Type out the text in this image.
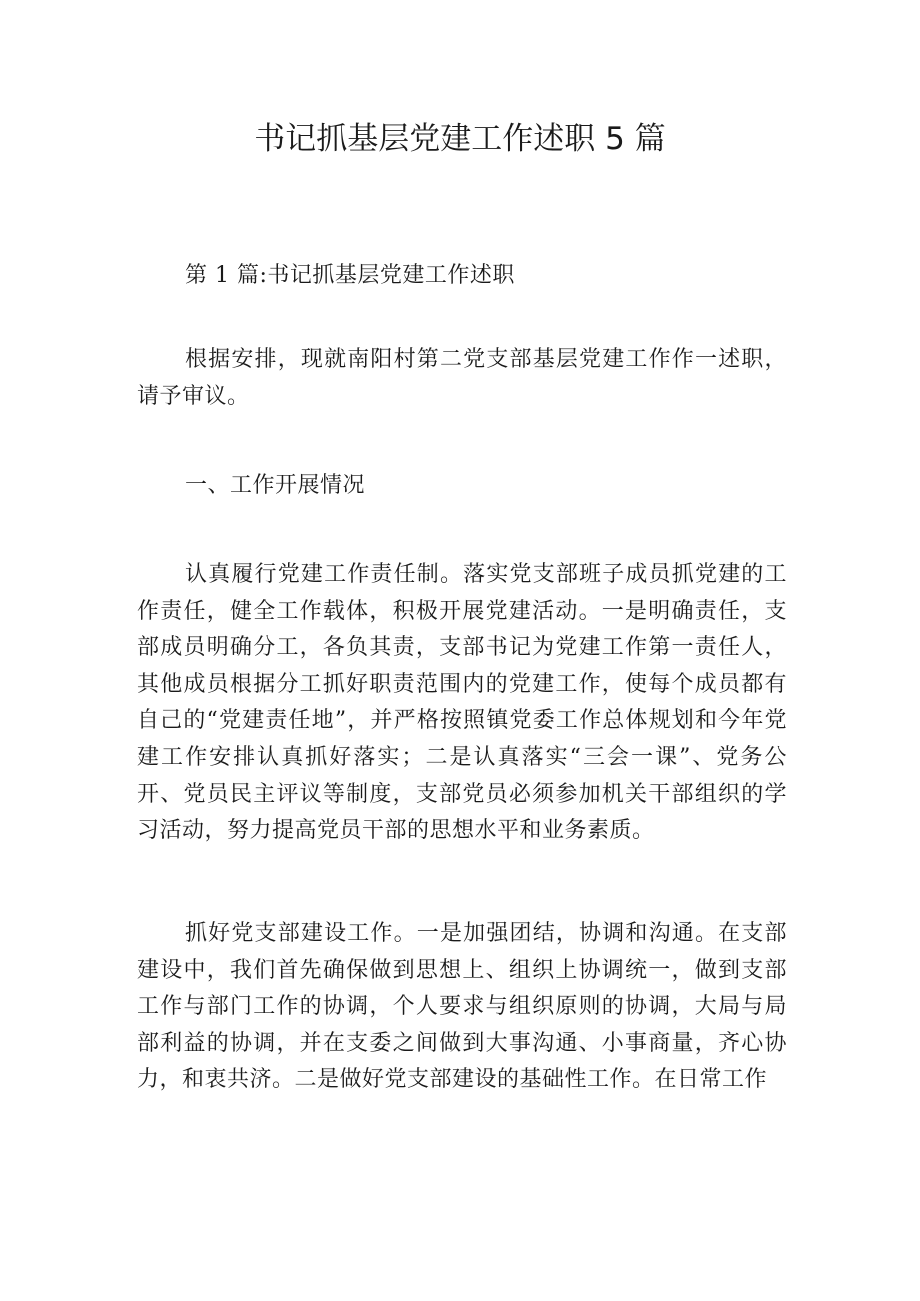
书记抓基层党建工作述职 5 篇

第 1 篇:书记抓基层党建工作述职

根据安排，现就南阳村第二党支部基层党建工作作一述职，请予审议。

一、工作开展情况

认真履行党建工作责任制。落实党支部班子成员抓党建的工作责任，健全工作载体，积极开展党建活动。一是明确责任，支部成员明确分工，各负其责，支部书记为党建工作第一责任人，其他成员根据分工抓好职责范围内的党建工作，使每个成员都有自己的“党建责任地”，并严格按照镇党委工作总体规划和今年党建工作安排认真抓好落实；二是认真落实“三会一课”、党务公开、党员民主评议等制度，支部党员必须参加机关干部组织的学习活动，努力提高党员干部的思想水平和业务素质。

抓好党支部建设工作。一是加强团结，协调和沟通。在支部建设中，我们首先确保做到思想上、组织上协调统一，做到支部工作与部门工作的协调，个人要求与组织原则的协调，大局与局部利益的协调，并在支委之间做到大事沟通、小事商量，齐心协力，和衷共济。二是做好党支部建设的基础性工作。在日常工作
